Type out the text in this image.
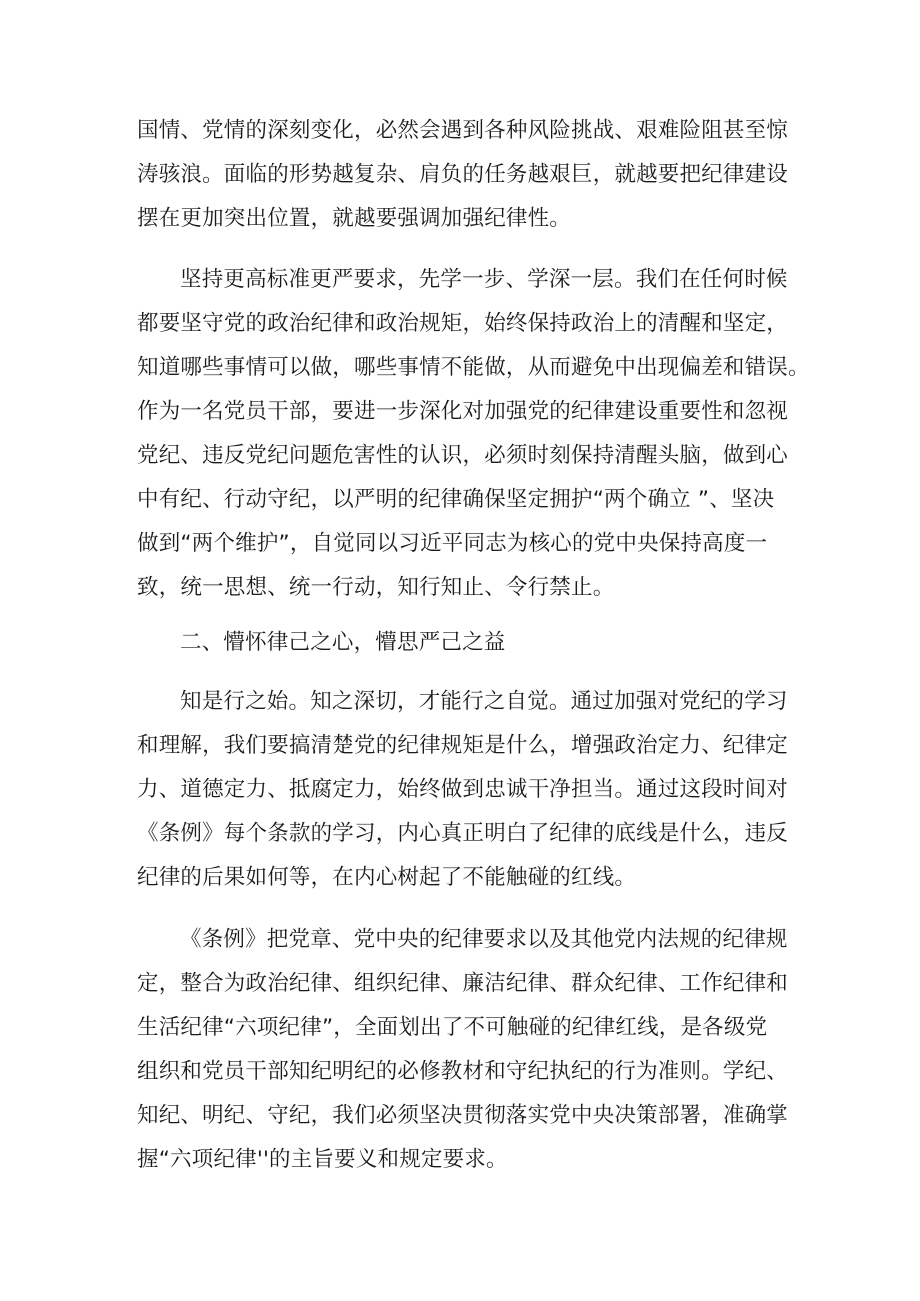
国情、党情的深刻变化，必然会遇到各种风险挑战、艰难险阻甚至惊
涛骇浪。面临的形势越复杂、肩负的任务越艰巨，就越要把纪律建设
摆在更加突出位置，就越要强调加强纪律性。
坚持更高标准更严要求，先学一步、学深一层。我们在任何时候
都要坚守党的政治纪律和政治规矩，始终保持政治上的清醒和坚定，
知道哪些事情可以做，哪些事情不能做，从而避免中出现偏差和错误。
作为一名党员干部，要进一步深化对加强党的纪律建设重要性和忽视
党纪、违反党纪问题危害性的认识，必须时刻保持清醒头脑，做到心
中有纪、行动守纪，以严明的纪律确保坚定拥护“两个确立 ”、坚决
做到“两个维护”，自觉同以习近平同志为核心的党中央保持高度一
致，统一思想、统一行动，知行知止、令行禁止。
二、懵怀律己之心，懵思严己之益
知是行之始。知之深切，才能行之自觉。通过加强对党纪的学习
和理解，我们要搞清楚党的纪律规矩是什么，增强政治定力、纪律定
力、道德定力、抵腐定力，始终做到忠诚干净担当。通过这段时间对
《条例》每个条款的学习，内心真正明白了纪律的底线是什么，违反
纪律的后果如何等，在内心树起了不能触碰的红线。
《条例》把党章、党中央的纪律要求以及其他党内法规的纪律规
定，整合为政治纪律、组织纪律、廉洁纪律、群众纪律、工作纪律和
生活纪律“六项纪律”，全面划出了不可触碰的纪律红线，是各级党
组织和党员干部知纪明纪的必修教材和守纪执纪的行为准则。学纪、
知纪、明纪、守纪，我们必须坚决贯彻落实党中央决策部署，准确掌
握“六项纪律''的主旨要义和规定要求。
